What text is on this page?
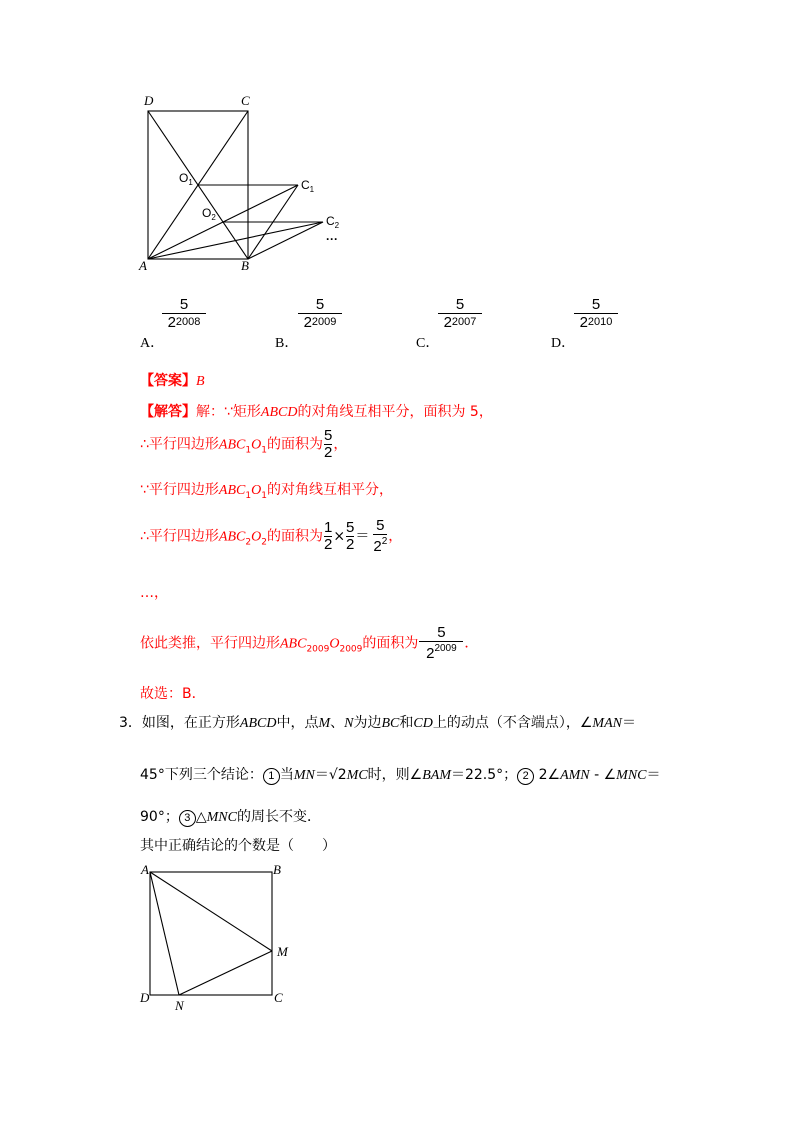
D	C
A	B
$O_1$
$O_2$
$C_1$
$C_2$
···
5
$2^{2008}$
A．
5
$2^{2009}$
B．
5
$2^{2007}$
C．
5
$2^{2010}$
D．
【答案】B
【解答】解：∵矩形ABCD的对角线互相平分，面积为 5，
∴平行四边形$ABC_1O_1$的面积为 $\frac{5}{2}$ ，
∵平行四边形$ABC_1O_1$的对角线互相平分，
∴平行四边形$ABC_2O_2$的面积为 $\frac{1}{2} \times \frac{5}{2} = \frac{5}{2^2}$ ，
…，
依此类推，平行四边形$ABC_{2009}O_{2009}$的面积为 $\frac{5}{2^{2009}}$ ．
故选：B．
3．如图，在正方形ABCD中，点M、N为边BC和CD上的动点（不含端点），∠MAN＝
45°下列三个结论： 1 当MN＝√2MC时，则∠BAM＝22.5°； 2 2∠AMN - ∠MNC＝
90°； 3 △MNC的周长不变．
其中正确结论的个数是（　　）
A	B
M
D
N
C
